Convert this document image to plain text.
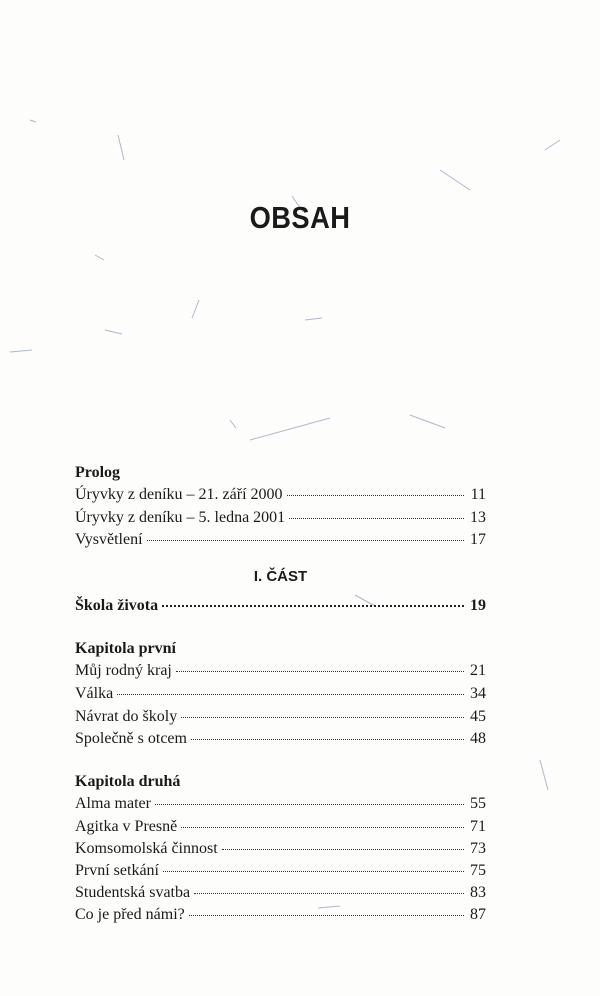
OBSAH
Prolog
Úryvky z deníku – 21. září 2000	11
Úryvky z deníku – 5. ledna 2001	13
Vysvětlení	17
I. ČÁST
Škola života	19
Kapitola první
Můj rodný kraj	21
Válka	34
Návrat do školy	45
Společně s otcem	48
Kapitola druhá
Alma mater	55
Agitka v Presně	71
Komsomolská činnost	73
První setkání	75
Studentská svatba	83
Co je před námi?	87
